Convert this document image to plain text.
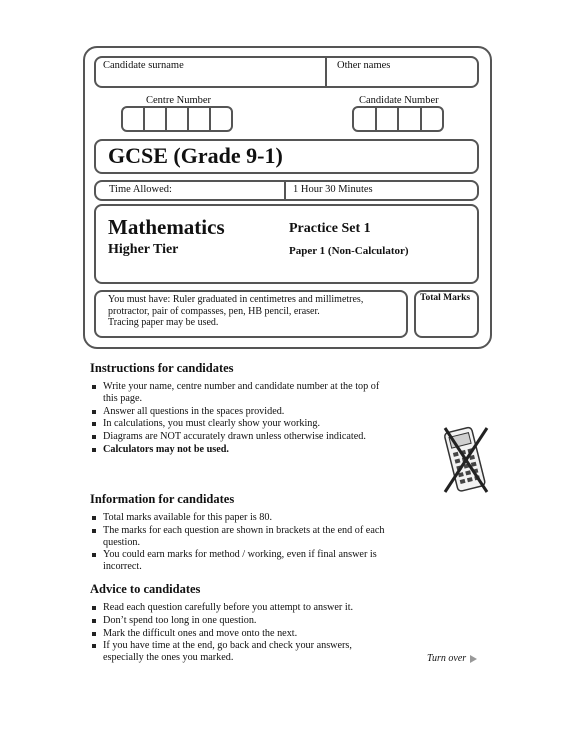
Candidate surname	Other names
Centre Number	Candidate Number
GCSE (Grade 9-1)
Time Allowed:	1 Hour 30 Minutes
Mathematics
Higher Tier
Practice Set 1
Paper 1 (Non-Calculator)
You must have: Ruler graduated in centimetres and millimetres,
protractor, pair of compasses, pen, HB pencil, eraser.
Tracing paper may be used.
Total Marks
Instructions for candidates
Write your name, centre number and candidate number at the top of this page.
Answer all questions in the spaces provided.
In calculations, you must clearly show your working.
Diagrams are NOT accurately drawn unless otherwise indicated.
Calculators may not be used.
Information for candidates
Total marks available for this paper is 80.
The marks for each question are shown in brackets at the end of each question.
You could earn marks for method / working, even if final answer is incorrect.
Advice to candidates
Read each question carefully before you attempt to answer it.
Don’t spend too long in one question.
Mark the difficult ones and move onto the next.
If you have time at the end, go back and check your answers, especially the ones you marked.	Turn over
